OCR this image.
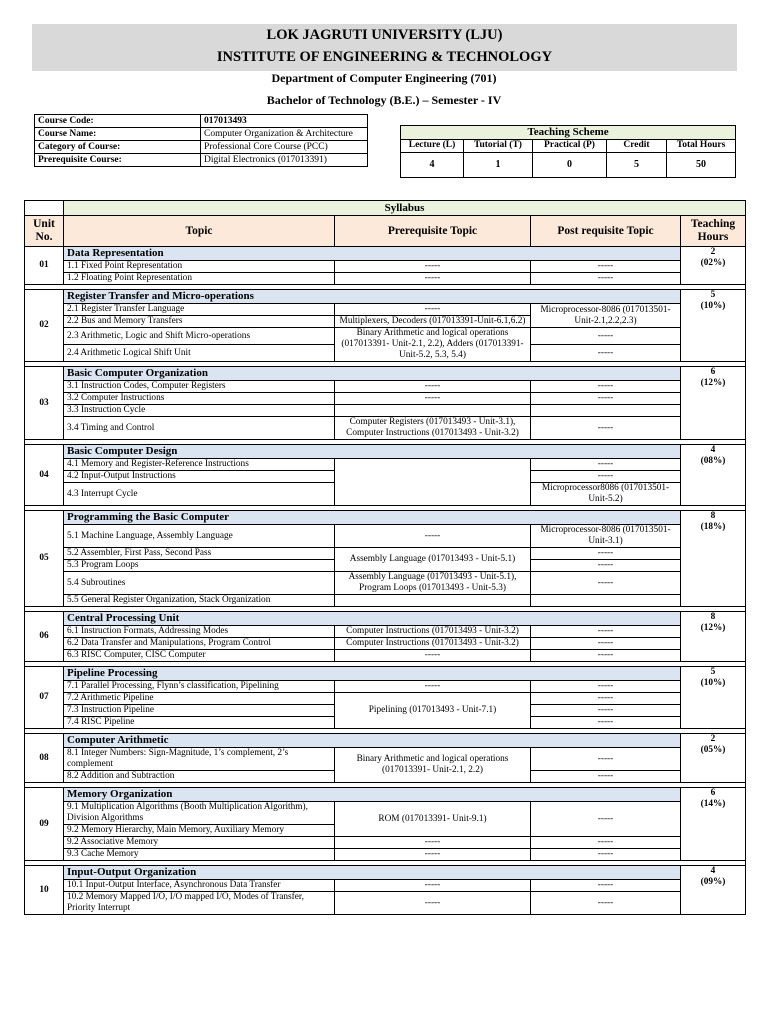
LOK JAGRUTI UNIVERSITY (LJU)
INSTITUTE OF ENGINEERING & TECHNOLOGY
Department of Computer Engineering (701)
Bachelor of Technology (B.E.) – Semester - IV
Course Code:	017013493
Course Name:	Computer Organization & Architecture
Category of Course:	Professional Core Course (PCC)
Prerequisite Course:	Digital Electronics (017013391)
Teaching Scheme				
Lecture (L)	Tutorial (T)	Practical (P)	Credit	Total Hours
4	1	0	5	50
	Syllabus			
Unit No.	Topic	Prerequisite Topic	Post requisite Topic	Teaching Hours
01	Data Representation			2
(02%)

	1.1 Fixed Point Representation	-----	-----	
	1.2 Floating Point Representation	-----	-----	

02	Register Transfer and Micro-operations			5
(10%)

	2.1 Register Transfer Language	-----	Microprocessor-8086 (017013501- Unit-2.1,2.2,2.3)	
	2.2 Bus and Memory Transfers	Multiplexers, Decoders (017013391-Unit-6.1,6.2)		
	2.3 Arithmetic, Logic and Shift Micro-operations	Binary Arithmetic and logical operations (017013391- Unit-2.1, 2.2), Adders (017013391-Unit-5.2, 5.3, 5.4)	-----	
	2.4 Arithmetic Logical Shift Unit		-----	

03	Basic Computer Organization			6
(12%)

	3.1 Instruction Codes, Computer Registers	-----	-----	
	3.2 Computer Instructions	-----	-----	
	3.3 Instruction Cycle			
	3.4 Timing and Control	Computer Registers (017013493 - Unit-3.1), Computer Instructions (017013493 - Unit-3.2)	-----	

04	Basic Computer Design			4
(08%)

	4.1 Memory and Register-Reference Instructions		-----	
	4.2 Input-Output Instructions		-----	
	4.3 Interrupt Cycle		Microprocessor8086 (017013501-Unit-5.2)	

05	Programming the Basic Computer			8
(18%)

	5.1 Machine Language, Assembly Language	-----	Microprocessor-8086 (017013501-Unit-3.1)	
	5.2 Assembler, First Pass, Second Pass	Assembly Language (017013493 - Unit-5.1)	-----	
	5.3 Program Loops		-----	
	5.4 Subroutines	Assembly Language (017013493 - Unit-5.1), Program Loops (017013493 - Unit-5.3)	-----	
	5.5 General Register Organization, Stack Organization			

06	Central Processing Unit			8
(12%)

	6.1 Instruction Formats, Addressing Modes	Computer Instructions (017013493 - Unit-3.2)	-----	
	6.2 Data Transfer and Manipulations, Program Control	Computer Instructions (017013493 - Unit-3.2)	-----	
	6.3 RISC Computer, CISC Computer	-----	-----	

07	Pipeline Processing			5
(10%)

	7.1 Parallel Processing, Flynn’s classification, Pipelining	-----	-----	
	7.2 Arithmetic Pipeline	Pipelining (017013493 - Unit-7.1)	-----	
	7.3 Instruction Pipeline		-----	
	7.4 RISC Pipeline		-----	

08	Computer Arithmetic			2
(05%)

	8.1 Integer Numbers: Sign-Magnitude, 1’s complement, 2’s complement	Binary Arithmetic and logical operations (017013391- Unit-2.1, 2.2)	-----	
	8.2 Addition and Subtraction		-----	

09	Memory Organization			6
(14%)

	9.1 Multiplication Algorithms (Booth Multiplication Algorithm), Division Algorithms	ROM (017013391- Unit-9.1)	-----	
	9.2 Memory Hierarchy, Main Memory, Auxiliary Memory			
	9.2 Associative Memory	-----	-----	
	9.3 Cache Memory	-----	-----	

10	Input-Output Organization			4
(09%)

	10.1 Input-Output Interface, Asynchronous Data Transfer	-----	-----	
	10.2 Memory Mapped I/O, I/O mapped I/O, Modes of Transfer, Priority Interrupt	-----	-----	
